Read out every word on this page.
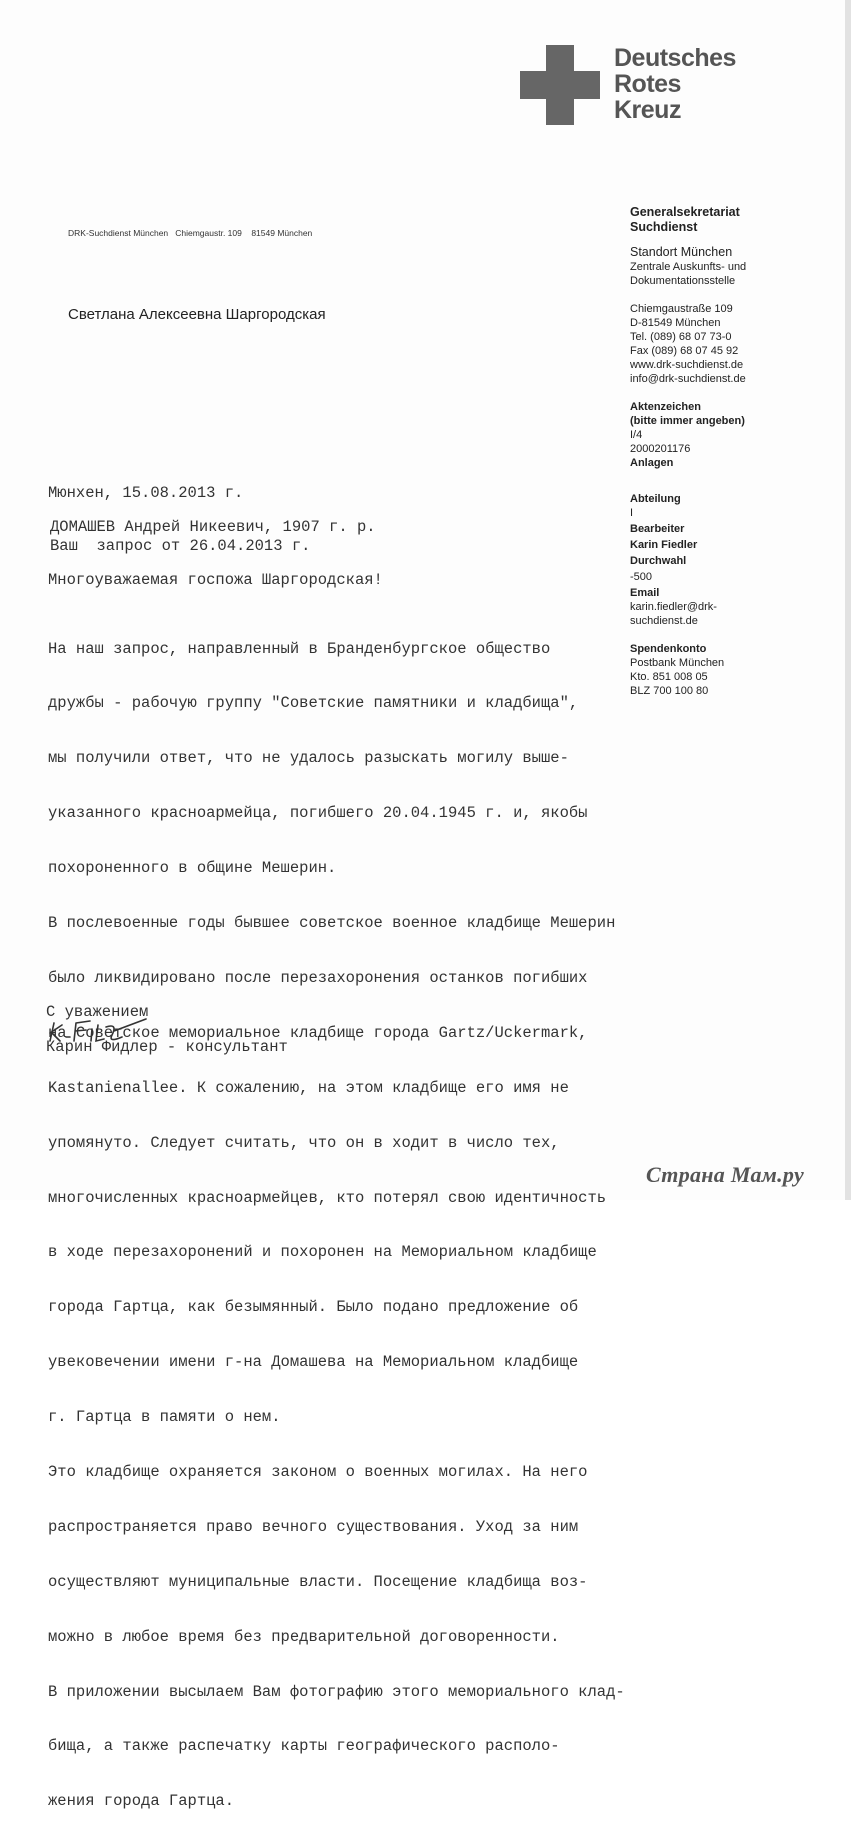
Deutsches
Rotes
Kreuz
DRK-Suchdienst München   Chiemgaustr. 109    81549 München
Светлана Алексеевна Шаргородская
Generalsekretariat
Suchdienst
Standort München
Zentrale Auskunfts- und
Dokumentationsstelle
Chiemgaustraße 109
D-81549 München
Tel. (089) 68 07 73-0
Fax (089) 68 07 45 92
www.drk-suchdienst.de
info@drk-suchdienst.de
Aktenzeichen
(bitte immer angeben)
I/4
2000201176
Anlagen
Abteilung
I
Bearbeiter
Karin Fiedler
Durchwahl
-500
Email
karin.fiedler@drk-
suchdienst.de
Spendenkonto
Postbank München
Kto. 851 008 05
BLZ 700 100 80
Мюнхен, 15.08.2013 г.
ДОМАШЕВ Андрей Никеевич, 1907 г. р.
Ваш  запрос от 26.04.2013 г.
Многоуважаемая госпожа Шаргородская!

На наш запрос, направленный в Бранденбургское общество

дружбы - рабочую группу "Советские памятники и кладбища",

мы получили ответ, что не удалось разыскать могилу выше-

указанного красноармейца, погибшего 20.04.1945 г. и, якобы

похороненного в общине Мешерин.

В послевоенные годы бывшее советское военное кладбище Мешерин

было ликвидировано после перезахоронения останков погибших

на Советское мемориальное кладбище города Gartz/Uckermark,

Kastanienallee. К сожалению, на этом кладбище его имя не

упомянуто. Следует считать, что он в ходит в число тех,

многочисленных красноармейцев, кто потерял свою идентичность

в ходе перезахоронений и похоронен на Мемориальном кладбище

города Гартца, как безымянный. Было подано предложение об

увековечении имени г-на Домашева на Мемориальном кладбище

г. Гартца в памяти о нем.

Это кладбище охраняется законом о военных могилах. На него

распространяется право вечного существования. Уход за ним

осуществляют муниципальные власти. Посещение кладбища воз-

можно в любое время без предварительной договоренности.

В приложении высылаем Вам фотографию этого мемориального клад-

бища, а также распечатку карты географического располо-

жения города Гартца.

С уважением
Карин Фидлер - консультант
Страна Мам.ру
